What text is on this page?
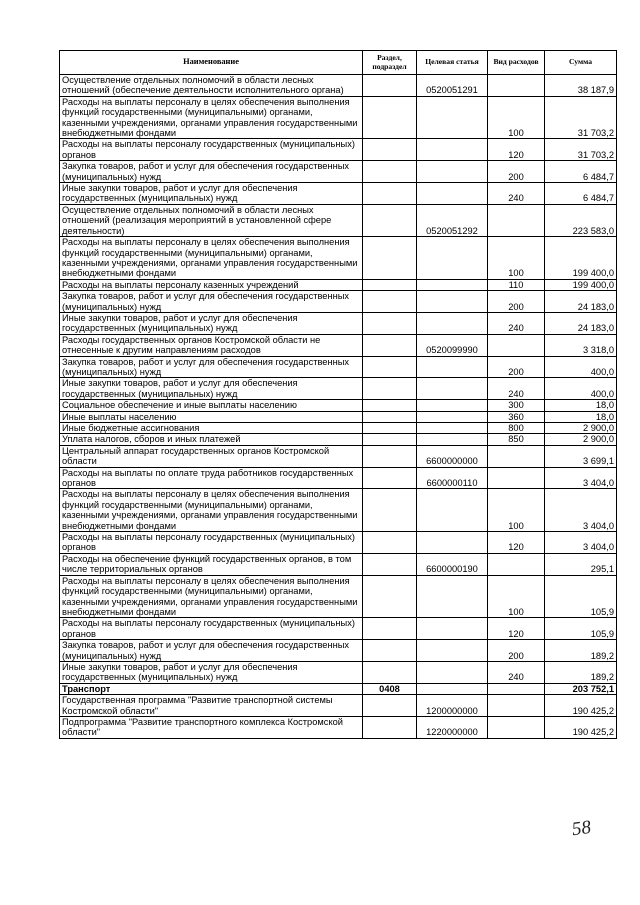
Наименование	Раздел, подраздел	Целевая статья	Вид расходов	Сумма
Осуществление отдельных полномочий в области лесных отношений (обеспечение деятельности исполнительного органа)		0520051291		38 187,9
Расходы на выплаты персоналу в целях обеспечения выполнения функций государственными (муниципальными) органами, казенными учреждениями, органами управления государственными внебюджетными фондами			100	31 703,2
Расходы на выплаты персоналу государственных (муниципальных) органов			120	31 703,2
Закупка товаров, работ и услуг для обеспечения государственных (муниципальных) нужд			200	6 484,7
Иные закупки товаров, работ и услуг для обеспечения государственных (муниципальных) нужд			240	6 484,7
Осуществление отдельных полномочий в области лесных отношений (реализация мероприятий в установленной сфере деятельности)		0520051292		223 583,0
Расходы на выплаты персоналу в целях обеспечения выполнения функций государственными (муниципальными) органами, казенными учреждениями, органами управления государственными внебюджетными фондами			100	199 400,0
Расходы на выплаты персоналу казенных учреждений			110	199 400,0
Закупка товаров, работ и услуг для обеспечения государственных (муниципальных) нужд			200	24 183,0
Иные закупки товаров, работ и услуг для обеспечения государственных (муниципальных) нужд			240	24 183,0
Расходы государственных органов Костромской области не отнесенные к другим направлениям расходов		0520099990		3 318,0
Закупка товаров, работ и услуг для обеспечения государственных (муниципальных) нужд			200	400,0
Иные закупки товаров, работ и услуг для обеспечения государственных (муниципальных) нужд			240	400,0
Социальное обеспечение и иные выплаты населению			300	18,0
Иные выплаты населению			360	18,0
Иные бюджетные ассигнования			800	2 900,0
Уплата налогов, сборов и иных платежей			850	2 900,0
Центральный аппарат государственных органов Костромской области		6600000000		3 699,1
Расходы на выплаты по оплате труда работников государственных органов		6600000110		3 404,0
Расходы на выплаты персоналу в целях обеспечения выполнения функций государственными (муниципальными) органами, казенными учреждениями, органами управления государственными внебюджетными фондами			100	3 404,0
Расходы на выплаты персоналу государственных (муниципальных) органов			120	3 404,0
Расходы на обеспечение функций государственных органов, в том числе территориальных органов		6600000190		295,1
Расходы на выплаты персоналу в целях обеспечения выполнения функций государственными (муниципальными) органами, казенными учреждениями, органами управления государственными внебюджетными фондами			100	105,9
Расходы на выплаты персоналу государственных (муниципальных) органов			120	105,9
Закупка товаров, работ и услуг для обеспечения государственных (муниципальных) нужд			200	189,2
Иные закупки товаров, работ и услуг для обеспечения государственных (муниципальных) нужд			240	189,2
Транспорт	0408			203 752,1
Государственная программа "Развитие транспортной системы Костромской области"		1200000000		190 425,2
Подпрограмма "Развитие транспортного комплекса Костромской области"		1220000000		190 425,2
58
